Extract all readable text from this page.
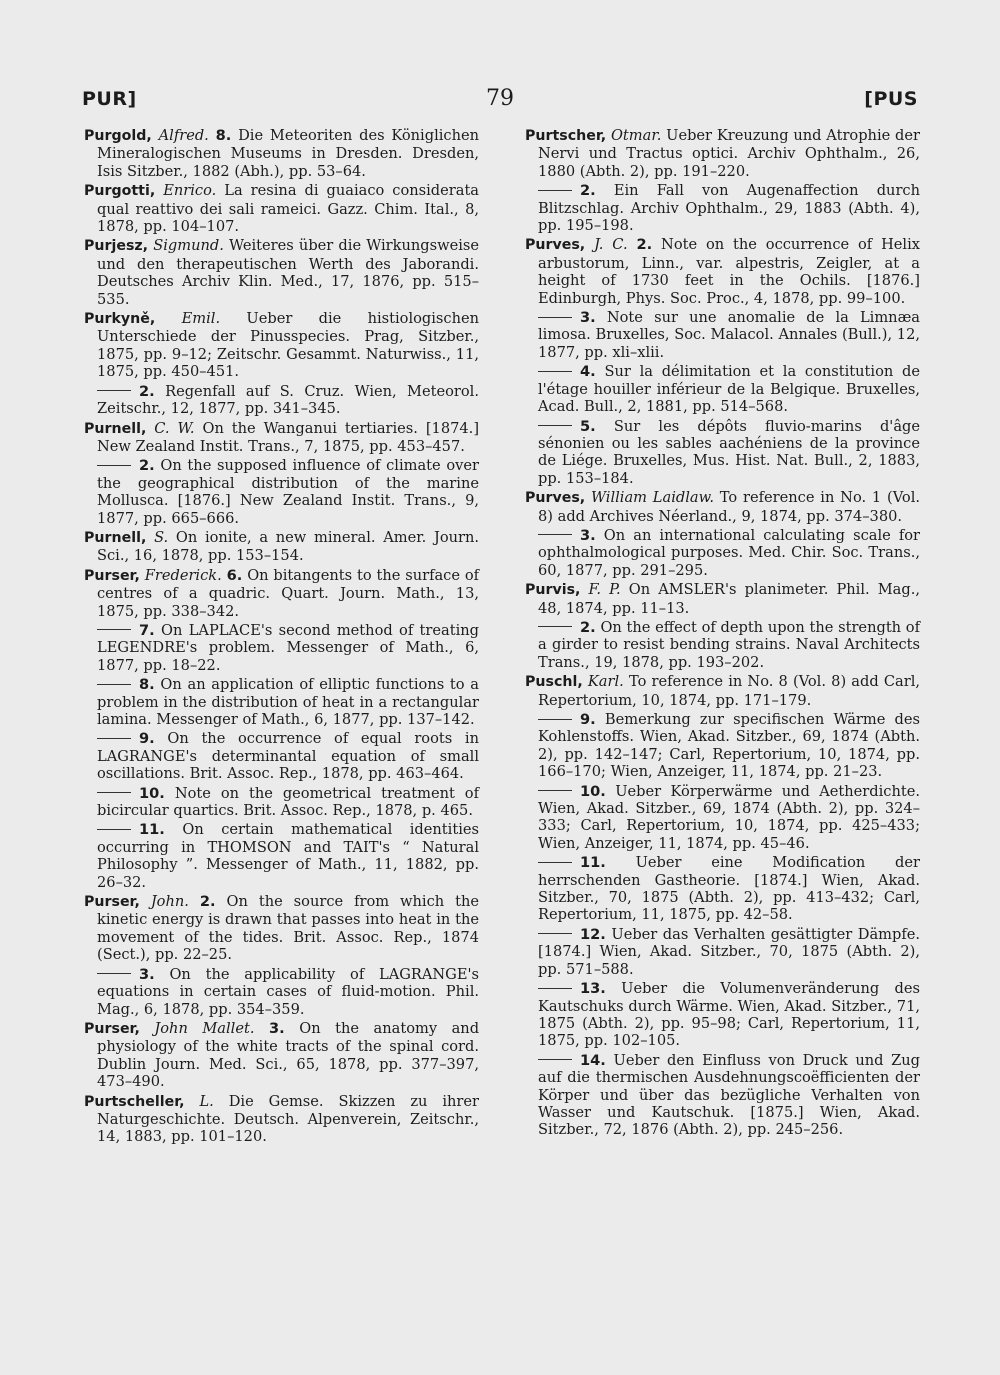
PUR]	79	[PUS

Purgold, Alfred. 8. Die Meteoriten des Königlichen Mineralogischen Museums in Dresden. Dresden, Isis Sitzber., 1882 (Abh.), pp. 53–64.

Purgotti, Enrico. La resina di guaiaco considerata qual reattivo dei sali rameici. Gazz. Chim. Ital., 8, 1878, pp. 104–107.

Purjesz, Sigmund. Weiteres über die Wirkungsweise und den therapeutischen Werth des Jaborandi. Deutsches Archiv Klin. Med., 17, 1876, pp. 515–535.

Purkyně, Emil. Ueber die histiologischen Unterschiede der Pinusspecies. Prag, Sitzber., 1875, pp. 9–12; Zeitschr. Gesammt. Naturwiss., 11, 1875, pp. 450–451.

2. Regenfall auf S. Cruz. Wien, Meteorol. Zeitschr., 12, 1877, pp. 341–345.

Purnell, C. W. On the Wanganui tertiaries. [1874.] New Zealand Instit. Trans., 7, 1875, pp. 453–457.

2. On the supposed influence of climate over the geographical distribution of the marine Mollusca. [1876.] New Zealand Instit. Trans., 9, 1877, pp. 665–666.

Purnell, S. On ionite, a new mineral. Amer. Journ. Sci., 16, 1878, pp. 153–154.

Purser, Frederick. 6. On bitangents to the surface of centres of a quadric. Quart. Journ. Math., 13, 1875, pp. 338–342.

7. On LAPLACE's second method of treating LEGENDRE's problem. Messenger of Math., 6, 1877, pp. 18–22.

8. On an application of elliptic functions to a problem in the distribution of heat in a rectangular lamina. Messenger of Math., 6, 1877, pp. 137–142.

9. On the occurrence of equal roots in LAGRANGE's determinantal equation of small oscillations. Brit. Assoc. Rep., 1878, pp. 463–464.

10. Note on the geometrical treatment of bicircular quartics. Brit. Assoc. Rep., 1878, p. 465.

11. On certain mathematical identities occurring in THOMSON and TAIT's “ Natural Philosophy ”. Messenger of Math., 11, 1882, pp. 26–32.

Purser, John. 2. On the source from which the kinetic energy is drawn that passes into heat in the movement of the tides. Brit. Assoc. Rep., 1874 (Sect.), pp. 22–25.

3. On the applicability of LAGRANGE's equations in certain cases of fluid-motion. Phil. Mag., 6, 1878, pp. 354–359.

Purser, John Mallet. 3. On the anatomy and physiology of the white tracts of the spinal cord. Dublin Journ. Med. Sci., 65, 1878, pp. 377–397, 473–490.

Purtscheller, L. Die Gemse. Skizzen zu ihrer Naturgeschichte. Deutsch. Alpenverein, Zeitschr., 14, 1883, pp. 101–120.

Purtscher, Otmar. Ueber Kreuzung und Atrophie der Nervi und Tractus optici. Archiv Ophthalm., 26, 1880 (Abth. 2), pp. 191–220.

2. Ein Fall von Augenaffection durch Blitzschlag. Archiv Ophthalm., 29, 1883 (Abth. 4), pp. 195–198.

Purves, J. C. 2. Note on the occurrence of Helix arbustorum, Linn., var. alpestris, Zeigler, at a height of 1730 feet in the Ochils. [1876.] Edinburgh, Phys. Soc. Proc., 4, 1878, pp. 99–100.

3. Note sur une anomalie de la Limnæa limosa. Bruxelles, Soc. Malacol. Annales (Bull.), 12, 1877, pp. xli–xlii.

4. Sur la délimitation et la constitution de l'étage houiller inférieur de la Belgique. Bruxelles, Acad. Bull., 2, 1881, pp. 514–568.

5. Sur les dépôts fluvio-marins d'âge sénonien ou les sables aachéniens de la province de Liége. Bruxelles, Mus. Hist. Nat. Bull., 2, 1883, pp. 153–184.

Purves, William Laidlaw. To reference in No. 1 (Vol. 8) add Archives Néerland., 9, 1874, pp. 374–380.

3. On an international calculating scale for ophthalmological purposes. Med. Chir. Soc. Trans., 60, 1877, pp. 291–295.

Purvis, F. P. On AMSLER's planimeter. Phil. Mag., 48, 1874, pp. 11–13.

2. On the effect of depth upon the strength of a girder to resist bending strains. Naval Architects Trans., 19, 1878, pp. 193–202.

Puschl, Karl. To reference in No. 8 (Vol. 8) add Carl, Repertorium, 10, 1874, pp. 171–179.

9. Bemerkung zur specifischen Wärme des Kohlenstoffs. Wien, Akad. Sitzber., 69, 1874 (Abth. 2), pp. 142–147; Carl, Repertorium, 10, 1874, pp. 166–170; Wien, Anzeiger, 11, 1874, pp. 21–23.

10. Ueber Körperwärme und Aetherdichte. Wien, Akad. Sitzber., 69, 1874 (Abth. 2), pp. 324–333; Carl, Repertorium, 10, 1874, pp. 425–433; Wien, Anzeiger, 11, 1874, pp. 45–46.

11. Ueber eine Modification der herrschenden Gastheorie. [1874.] Wien, Akad. Sitzber., 70, 1875 (Abth. 2), pp. 413–432; Carl, Repertorium, 11, 1875, pp. 42–58.

12. Ueber das Verhalten gesättigter Dämpfe. [1874.] Wien, Akad. Sitzber., 70, 1875 (Abth. 2), pp. 571–588.

13. Ueber die Volumenveränderung des Kautschuks durch Wärme. Wien, Akad. Sitzber., 71, 1875 (Abth. 2), pp. 95–98; Carl, Repertorium, 11, 1875, pp. 102–105.

14. Ueber den Einfluss von Druck und Zug auf die thermischen Ausdehnungscoëfficienten der Körper und über das bezügliche Verhalten von Wasser und Kautschuk. [1875.] Wien, Akad. Sitzber., 72, 1876 (Abth. 2), pp. 245–256.
